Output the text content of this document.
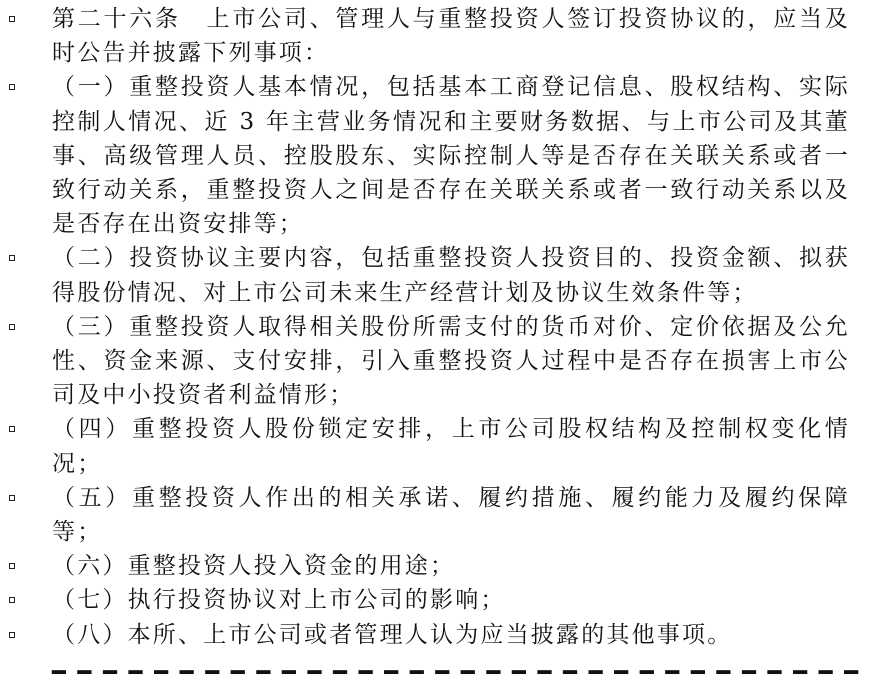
第二十六条　上市公司、管理人与重整投资人签订投资协议的，应当及时公告并披露下列事项：
（一）重整投资人基本情况，包括基本工商登记信息、股权结构、实际控制人情况、近 3 年主营业务情况和主要财务数据、与上市公司及其董事、高级管理人员、控股股东、实际控制人等是否存在关联关系或者一致行动关系，重整投资人之间是否存在关联关系或者一致行动关系以及是否存在出资安排等；
（二）投资协议主要内容，包括重整投资人投资目的、投资金额、拟获得股份情况、对上市公司未来生产经营计划及协议生效条件等；
（三）重整投资人取得相关股份所需支付的货币对价、定价依据及公允性、资金来源、支付安排，引入重整投资人过程中是否存在损害上市公司及中小投资者利益情形；
（四）重整投资人股份锁定安排，上市公司股权结构及控制权变化情况；
（五）重整投资人作出的相关承诺、履约措施、履约能力及履约保障等；
（六）重整投资人投入资金的用途；
（七）执行投资协议对上市公司的影响；
（八）本所、上市公司或者管理人认为应当披露的其他事项。
━ ━ ━ ━ ━ ━ ━ ━ ━ ━ ━ ━ ━ ━ ━ ━ ━ ━ ━ ━ ━ ━ ━ ━ ━ ━ ━ ━ ━ ━ ━ ━
